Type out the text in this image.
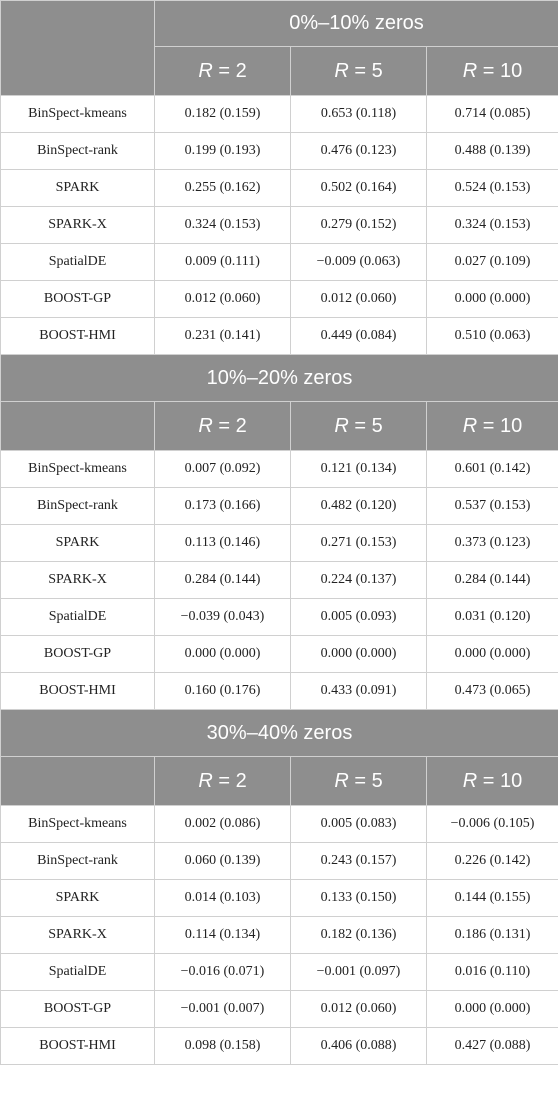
	0%–10% zeros		
	R = 2	R = 5	R = 10
BinSpect-kmeans	0.182 (0.159)	0.653 (0.118)	0.714 (0.085)
BinSpect-rank	0.199 (0.193)	0.476 (0.123)	0.488 (0.139)
SPARK	0.255 (0.162)	0.502 (0.164)	0.524 (0.153)
SPARK-X	0.324 (0.153)	0.279 (0.152)	0.324 (0.153)
SpatialDE	0.009 (0.111)	−0.009 (0.063)	0.027 (0.109)
BOOST-GP	0.012 (0.060)	0.012 (0.060)	0.000 (0.000)
BOOST-HMI	0.231 (0.141)	0.449 (0.084)	0.510 (0.063)
10%–20% zeros			
	R = 2	R = 5	R = 10
BinSpect-kmeans	0.007 (0.092)	0.121 (0.134)	0.601 (0.142)
BinSpect-rank	0.173 (0.166)	0.482 (0.120)	0.537 (0.153)
SPARK	0.113 (0.146)	0.271 (0.153)	0.373 (0.123)
SPARK-X	0.284 (0.144)	0.224 (0.137)	0.284 (0.144)
SpatialDE	−0.039 (0.043)	0.005 (0.093)	0.031 (0.120)
BOOST-GP	0.000 (0.000)	0.000 (0.000)	0.000 (0.000)
BOOST-HMI	0.160 (0.176)	0.433 (0.091)	0.473 (0.065)
30%–40% zeros			
	R = 2	R = 5	R = 10
BinSpect-kmeans	0.002 (0.086)	0.005 (0.083)	−0.006 (0.105)
BinSpect-rank	0.060 (0.139)	0.243 (0.157)	0.226 (0.142)
SPARK	0.014 (0.103)	0.133 (0.150)	0.144 (0.155)
SPARK-X	0.114 (0.134)	0.182 (0.136)	0.186 (0.131)
SpatialDE	−0.016 (0.071)	−0.001 (0.097)	0.016 (0.110)
BOOST-GP	−0.001 (0.007)	0.012 (0.060)	0.000 (0.000)
BOOST-HMI	0.098 (0.158)	0.406 (0.088)	0.427 (0.088)
